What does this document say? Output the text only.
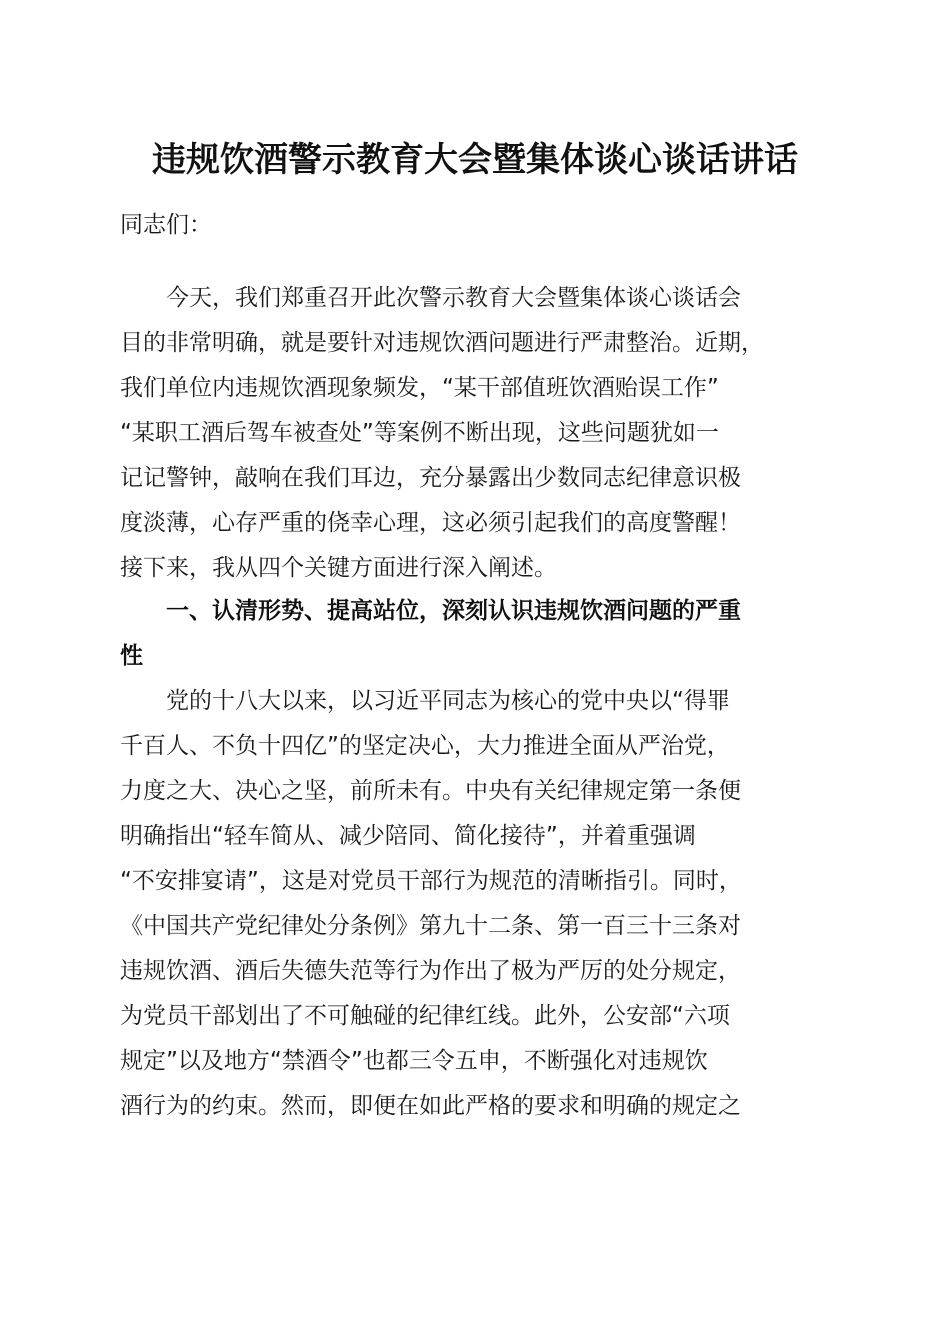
违规饮酒警示教育大会暨集体谈心谈话讲话
同志们：
　　今天，我们郑重召开此次警示教育大会暨集体谈心谈话会
目的非常明确，就是要针对违规饮酒问题进行严肃整治。近期，
我们单位内违规饮酒现象频发，“某干部值班饮酒贻误工作”
“某职工酒后驾车被查处”等案例不断出现，这些问题犹如一
记记警钟，敲响在我们耳边，充分暴露出少数同志纪律意识极
度淡薄，心存严重的侥幸心理，这必须引起我们的高度警醒！
接下来，我从四个关键方面进行深入阐述。
　　一、认清形势、提高站位，深刻认识违规饮酒问题的严重
性
　　党的十八大以来，以习近平同志为核心的党中央以“得罪
千百人、不负十四亿”的坚定决心，大力推进全面从严治党，
力度之大、决心之坚，前所未有。中央有关纪律规定第一条便
明确指出“轻车简从、减少陪同、简化接待”，并着重强调
“不安排宴请”，这是对党员干部行为规范的清晰指引。同时，
《中国共产党纪律处分条例》第九十二条、第一百三十三条对
违规饮酒、酒后失德失范等行为作出了极为严厉的处分规定，
为党员干部划出了不可触碰的纪律红线。此外，公安部“六项
规定”以及地方“禁酒令”也都三令五申，不断强化对违规饮
酒行为的约束。然而，即便在如此严格的要求和明确的规定之
